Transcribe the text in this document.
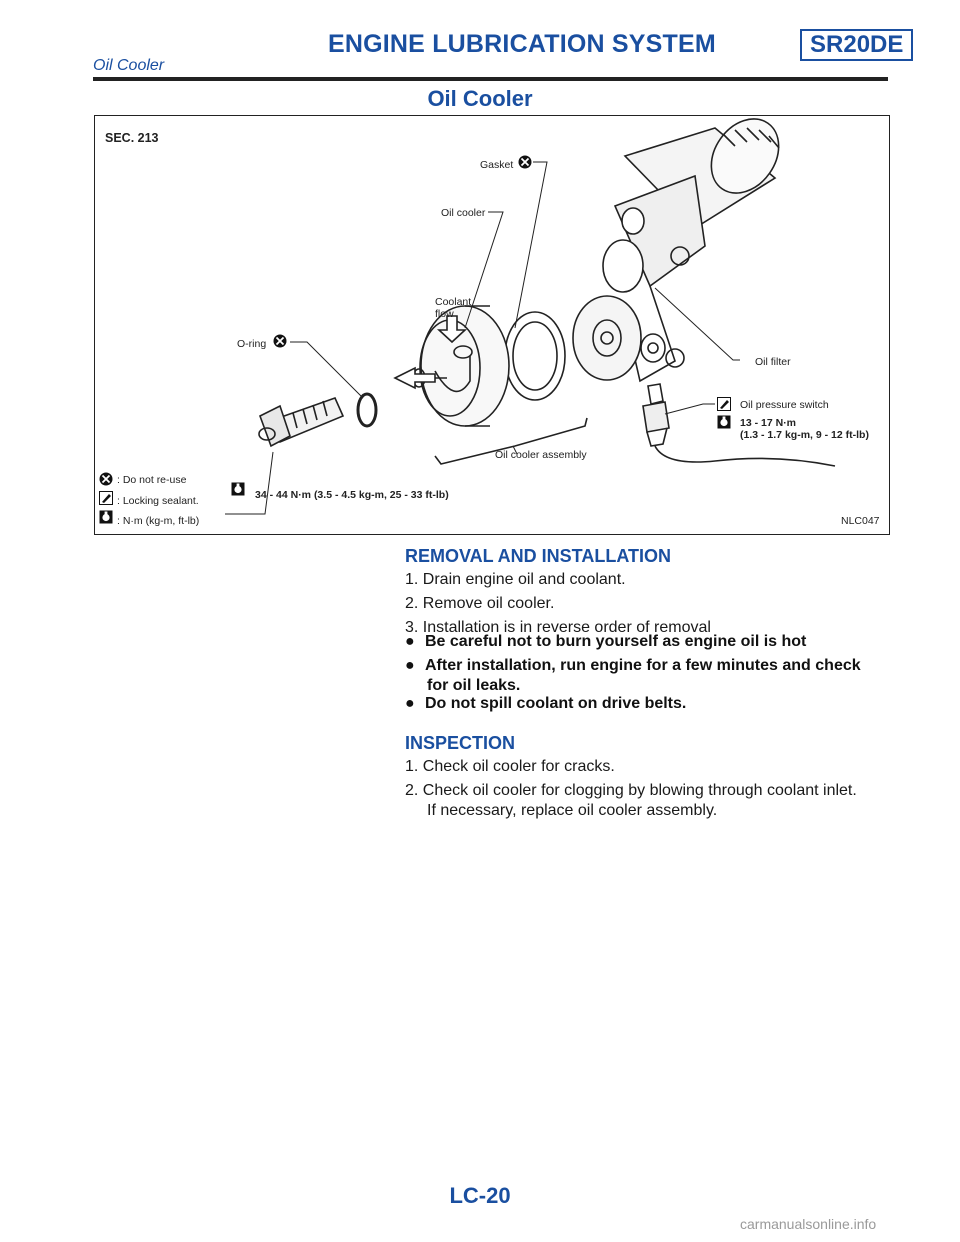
ENGINE LUBRICATION SYSTEM	SR20DE
Oil Cooler
Oil Cooler
SEC. 213
Gasket
Oil cooler
Coolant
flow
O-ring
Oil filter
Oil pressure switch
13 - 17 N·m
(1.3 - 1.7 kg-m, 9 - 12 ft-lb)
Oil cooler assembly
34 - 44 N·m (3.5 - 4.5 kg-m, 25 - 33 ft-lb)
: Do not re-use
: Locking sealant.
: N·m (kg-m, ft-lb)	NLC047
REMOVAL AND INSTALLATION
1. Drain engine oil and coolant.
2. Remove oil cooler.
3. Installation is in reverse order of removal
● Be careful not to burn yourself as engine oil is hot
● After installation, run engine for a few minutes and check
for oil leaks.
● Do not spill coolant on drive belts.
INSPECTION
1. Check oil cooler for cracks.
2. Check oil cooler for clogging by blowing through coolant inlet.
If necessary, replace oil cooler assembly.
LC-20
carmanualsonline.info
